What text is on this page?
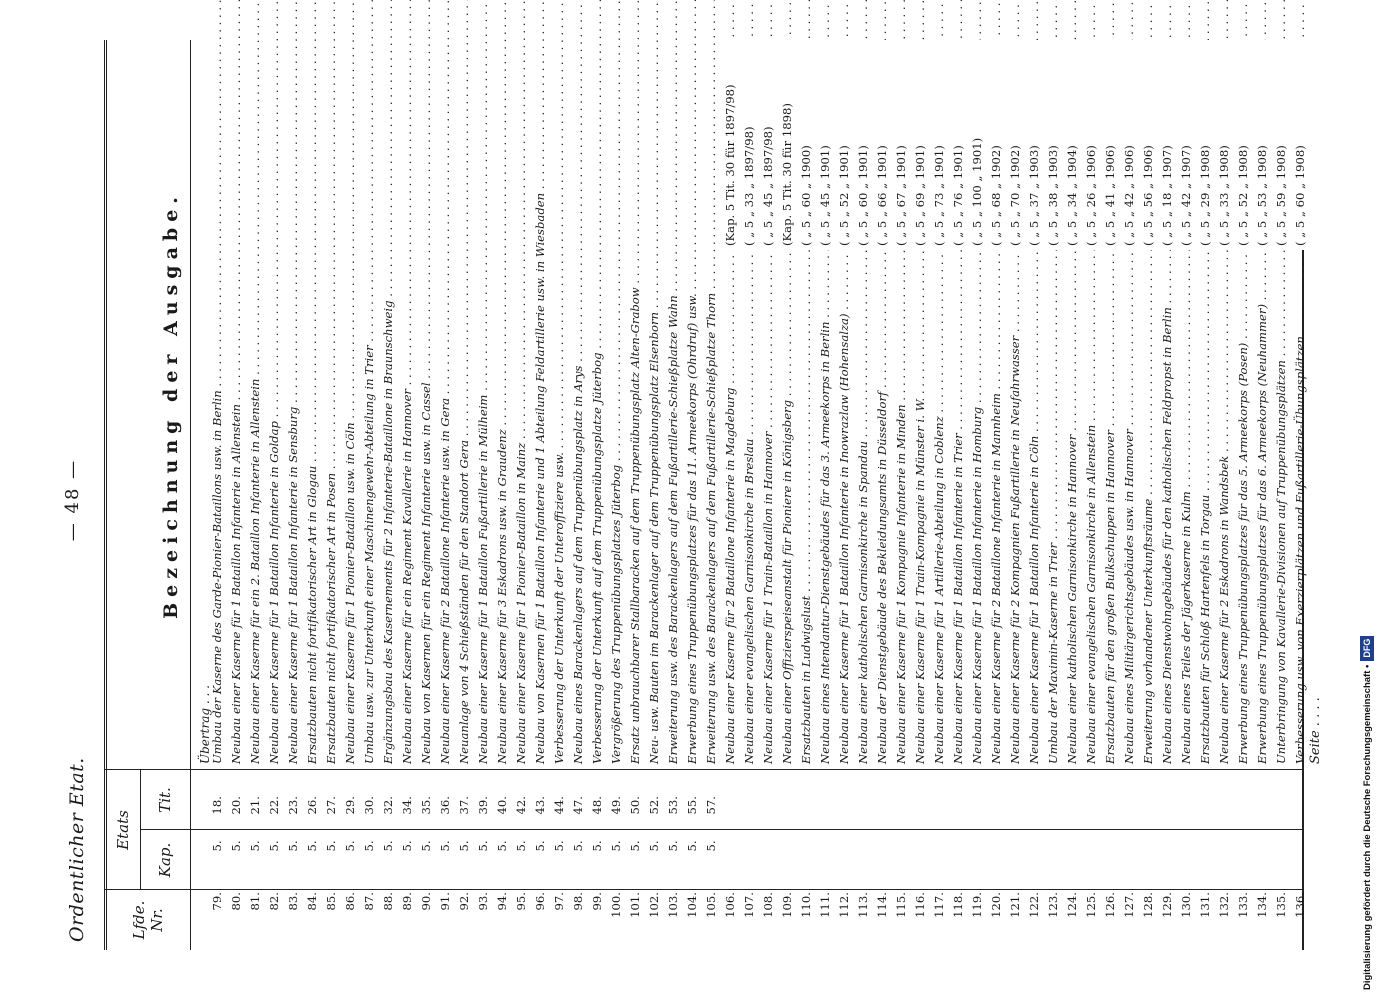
Ordentlicher Etat.
— 48 —
Lfde. Nr.
Etats
Kap.
Tit.
Bezeichnung der Ausgabe.
Übertrag . . .
79.
5.
18.
Umbau der Kaserne des Garde-Pionier-Bataillons usw. in Berlin . . .
80.
5.
20.
Neubau einer Kaserne für 1 Bataillon Infanterie in Allenstein . . .
81.
5.
21.
Neubau einer Kaserne für ein 2. Bataillon Infanterie in Allenstein . . .
82.
5.
22.
Neubau einer Kaserne für 1 Bataillon Infanterie in Goldap . . .
83.
5.
23.
Neubau einer Kaserne für 1 Bataillon Infanterie in Sensburg . . .
84.
5.
26.
Ersatzbauten nicht fortifikatorischer Art in Glogau . . .
85.
5.
27.
Ersatzbauten nicht fortifikatorischer Art in Posen . . .
86.
5.
29.
Neubau einer Kaserne für 1 Pionier-Bataillon usw. in Cöln . . .
87.
5.
30.
Umbau usw. zur Unterkunft einer Maschinengewehr-Abteilung in Trier . . .
88.
5.
32.
Ergänzungsbau des Kasernements für 2 Infanterie-Bataillone in Braunschweig . . .
89.
5.
34.
Neubau einer Kaserne für ein Regiment Kavallerie in Hannover . . .
90.
5.
35.
Neubau von Kasernen für ein Regiment Infanterie usw. in Cassel . . .
91.
5.
36.
Neubau einer Kaserne für 2 Bataillone Infanterie usw. in Gera . . .
92.
5.
37.
Neuanlage von 4 Schießständen für den Standort Gera . . .
93.
5.
39.
Neubau einer Kaserne für 1 Bataillon Fußartillerie in Mülheim . . .
94.
5.
40.
Neubau einer Kaserne für 3 Eskadrons usw. in Graudenz . . .
95.
5.
42.
Neubau einer Kaserne für 1 Pionier-Bataillon in Mainz . . .
96.
5.
43.
Neubau von Kasernen für 1 Bataillon Infanterie und 1 Abteilung Feldartillerie usw. in Wiesbaden . . .
97.
5.
44.
Verbesserung der Unterkunft der Unteroffiziere usw. . . .
98.
5.
47.
Neubau eines Barackenlagers auf dem Truppenübungsplatz in Arys . . .
99.
5.
48.
Verbesserung der Unterkunft auf dem Truppenübungsplatze Jüterbog . . .
100.
5.
49.
Vergrößerung des Truppenübungsplatzes Jüterbog . . .
101.
5.
50.
Ersatz unbrauchbarer Stallbaracken auf dem Truppenübungsplatz Alten-Grabow . . .
102.
5.
52.
Neu- usw. Bauten im Barackenlager auf dem Truppenübungsplatz Elsenborn . . .
103.
5.
53.
Erweiterung usw. des Barackenlagers auf dem Fußartillerie-Schießplatze Wahn . . .
104.
5.
55.
Erwerbung eines Truppenübungsplatzes für das 11. Armeekorps (Ohrdruf) usw. . . .
105.
5.
57.
Erweiterung usw. des Barackenlagers auf dem Fußartillerie-Schießplatze Thorn . . .
106.
Neubau einer Kaserne für 2 Bataillone Infanterie in Magdeburg . . .
(Kap. 5 Tit. 30 für 1897/98)
107.
Neubau einer evangelischen Garnisonkirche in Breslau . . .
( „ 5 „ 33 „ 1897/98)
108.
Neubau einer Kaserne für 1 Train-Bataillon in Hannover . . .
( „ 5 „ 45 „ 1897/98)
109.
Neubau einer Offizierspeiseanstalt für Pioniere in Königsberg . . .
(Kap. 5 Tit. 30 für 1898)
110.
Ersatzbauten in Ludwigslust . . .
( „ 5 „ 60 „ 1900)
111.
Neubau eines Intendantur-Dienstgebäudes für das 3. Armeekorps in Berlin . . .
( „ 5 „ 45 „ 1901)
112.
Neubau einer Kaserne für 1 Bataillon Infanterie in Inowrazlaw (Hohensalza) . . .
( „ 5 „ 52 „ 1901)
113.
Neubau einer katholischen Garnisonkirche in Spandau . . .
( „ 5 „ 60 „ 1901)
114.
Neubau der Dienstgebäude des Bekleidungsamts in Düsseldorf . . .
( „ 5 „ 66 „ 1901)
115.
Neubau einer Kaserne für 1 Kompagnie Infanterie in Minden . . .
( „ 5 „ 67 „ 1901)
116.
Neubau einer Kaserne für 1 Train-Kompagnie in Münster i. W. . . .
( „ 5 „ 69 „ 1901)
117.
Neubau einer Kaserne für 1 Artillerie-Abteilung in Coblenz . . .
( „ 5 „ 73 „ 1901)
118.
Neubau einer Kaserne für 1 Bataillon Infanterie in Trier . . .
( „ 5 „ 76 „ 1901)
119.
Neubau einer Kaserne für 1 Bataillon Infanterie in Homburg . . .
( „ 5 „ 100 „ 1901)
120.
Neubau einer Kaserne für 2 Bataillone Infanterie in Mannheim . . .
( „ 5 „ 68 „ 1902)
121.
Neubau einer Kaserne für 2 Kompagnien Fußartillerie in Neufahrwasser . . .
( „ 5 „ 70 „ 1902)
122.
Neubau einer Kaserne für 1 Bataillon Infanterie in Cöln . . .
( „ 5 „ 37 „ 1903)
123.
Umbau der Maximin-Kaserne in Trier . . .
( „ 5 „ 38 „ 1903)
124.
Neubau einer katholischen Garnisonkirche in Hannover . . .
( „ 5 „ 34 „ 1904)
125.
Neubau einer evangelischen Garnisonkirche in Allenstein . . .
( „ 5 „ 26 „ 1906)
126.
Ersatzbauten für den großen Bulkschuppen in Hannover . . .
( „ 5 „ 41 „ 1906)
127.
Neubau eines Militärgerichtsgebäudes usw. in Hannover . . .
( „ 5 „ 42 „ 1906)
128.
Erweiterung vorhandener Unterkunftsräume . . .
( „ 5 „ 56 „ 1906)
129.
Neubau eines Dienstwohngebäudes für den katholischen Feldpropst in Berlin . . .
( „ 5 „ 18 „ 1907)
130.
Neubau eines Teiles der Jägerkaserne in Kulm . . .
( „ 5 „ 42 „ 1907)
131.
Ersatzbauten für Schloß Hartenfels in Torgau . . .
( „ 5 „ 29 „ 1908)
132.
Neubau einer Kaserne für 2 Eskadrons in Wandsbek . . .
( „ 5 „ 33 „ 1908)
133.
Erwerbung eines Truppenübungsplatzes für das 5. Armeekorps (Posen) . . .
( „ 5 „ 52 „ 1908)
134.
Erwerbung eines Truppenübungsplatzes für das 6. Armeekorps (Neuhammer) . . .
( „ 5 „ 53 „ 1908)
135.
Unterbringung von Kavallerie-Divisionen auf Truppenübungsplätzen . . .
( „ 5 „ 59 „ 1908)
136.
Verbesserung usw. von Exerzierplätzen und Fußartillerie-Übungsplätzen . . .
( „ 5 „ 60 „ 1908)
Seite . . . .	Digitalisierung gefördert durch die Deutsche Forschungsgemeinschaft •DFG
